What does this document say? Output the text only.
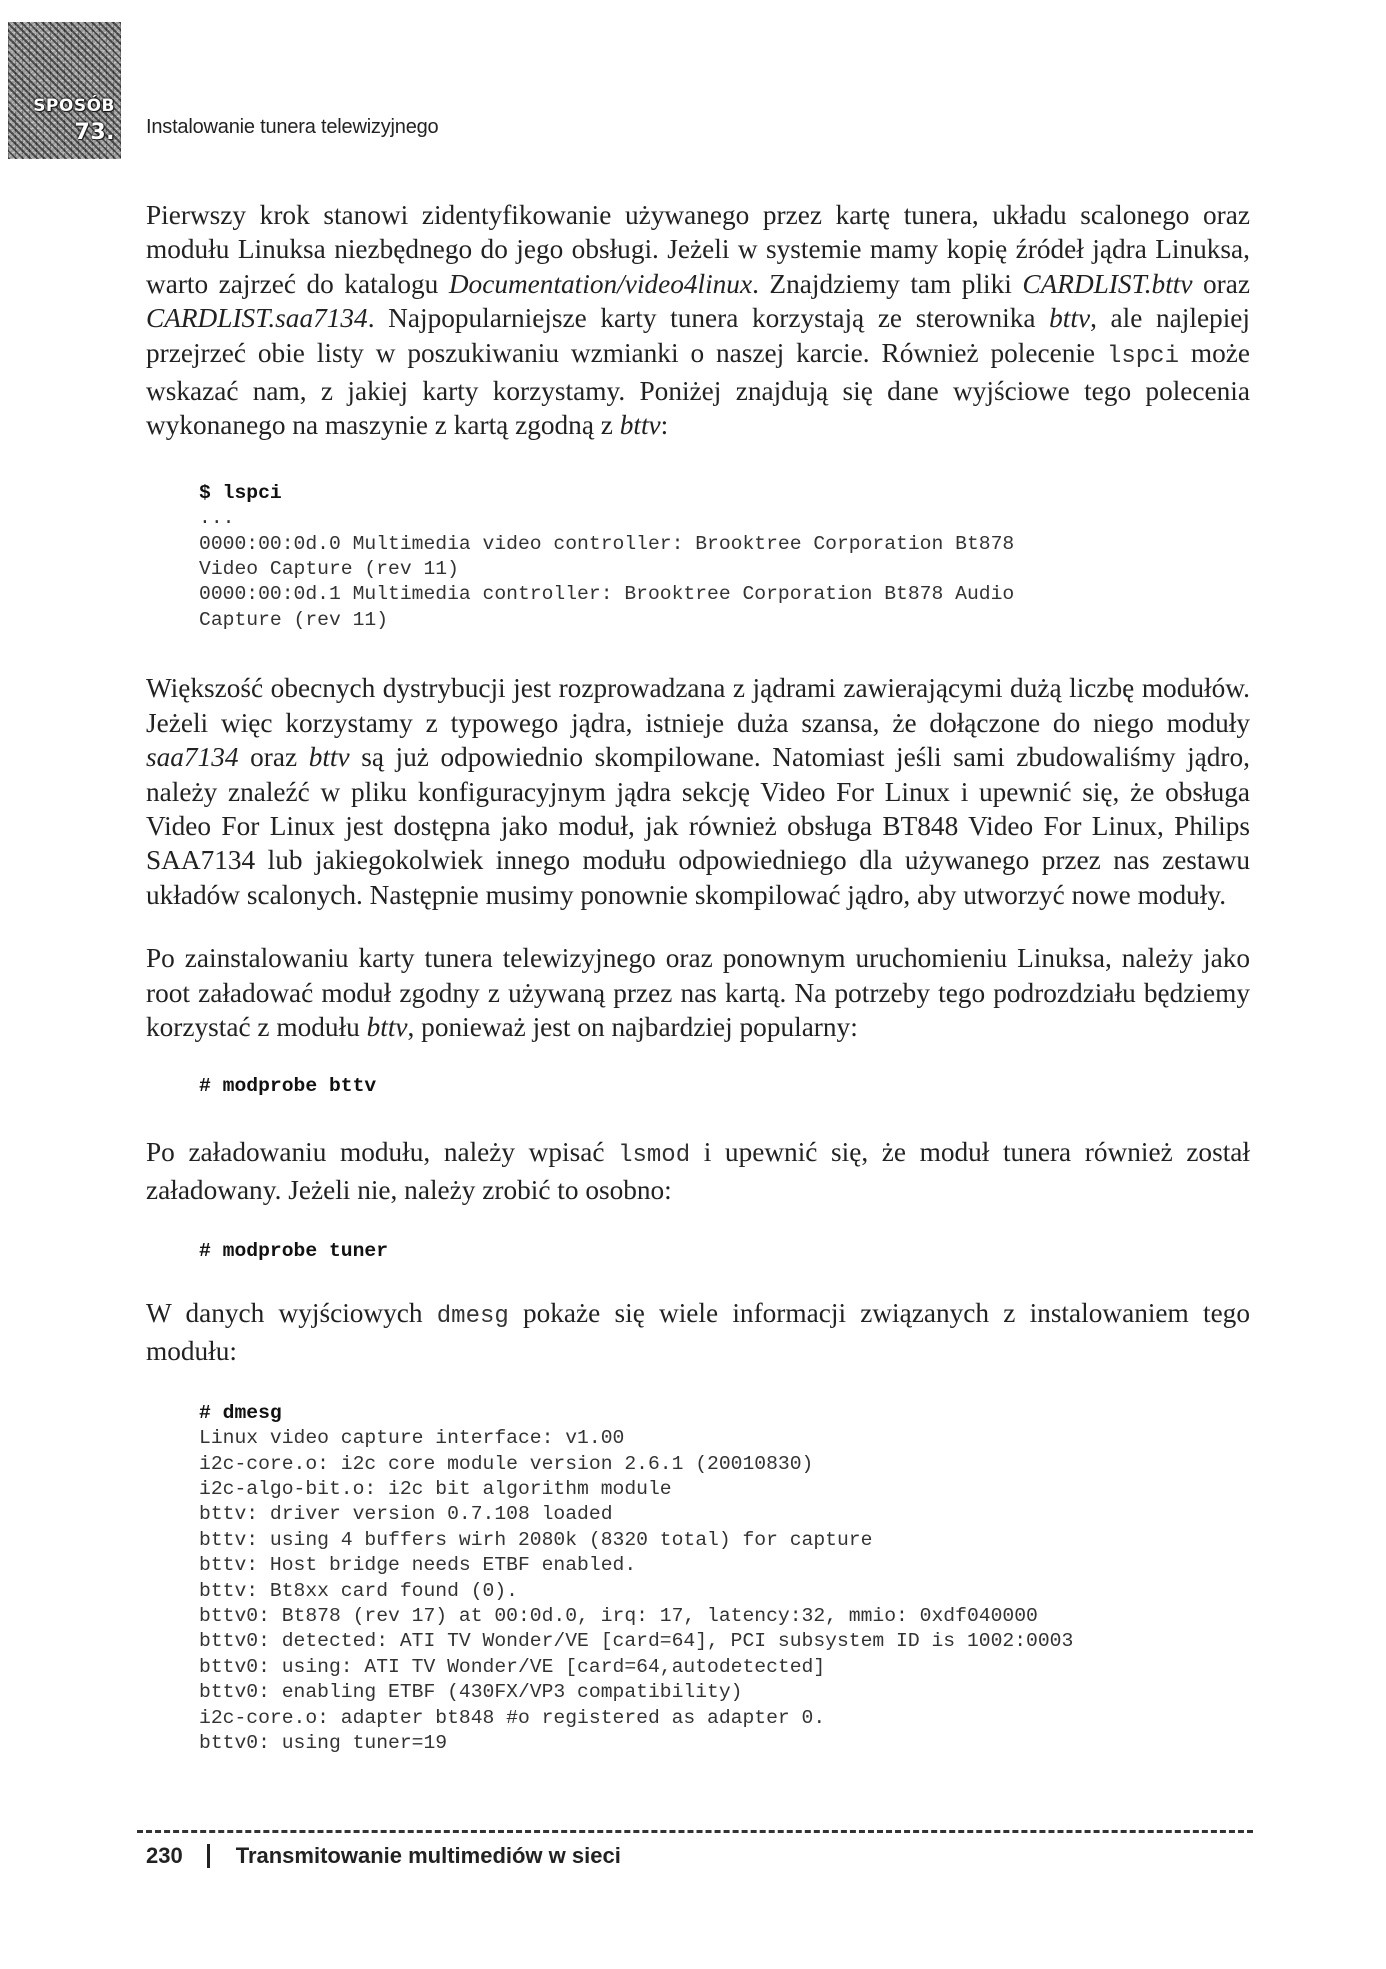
SPOSÓB
73. Instalowanie tunera telewizyjnego

Pierwszy krok stanowi zidentyfikowanie używanego przez kartę tunera, układu scalonego oraz modułu Linuksa niezbędnego do jego obsługi. Jeżeli w systemie mamy kopię źródeł jądra Linuksa, warto zajrzeć do katalogu Documentation/video4linux. Znajdziemy tam pliki CARDLIST.bttv oraz CARDLIST.saa7134. Najpopularniejsze karty tunera korzystają ze sterownika bttv, ale najlepiej przejrzeć obie listy w poszukiwaniu wzmianki o naszej karcie. Również polecenie lspci może wskazać nam, z jakiej karty korzystamy. Poniżej znajdują się dane wyjściowe tego polecenia wykonanego na maszynie z kartą zgodną z bttv:

$ lspci
...
0000:00:0d.0 Multimedia video controller: Brooktree Corporation Bt878
Video Capture (rev 11)
0000:00:0d.1 Multimedia controller: Brooktree Corporation Bt878 Audio
Capture (rev 11)

Większość obecnych dystrybucji jest rozprowadzana z jądrami zawierającymi dużą liczbę modułów. Jeżeli więc korzystamy z typowego jądra, istnieje duża szansa, że dołączone do niego moduły saa7134 oraz bttv są już odpowiednio skompilowane. Natomiast jeśli sami zbudowaliśmy jądro, należy znaleźć w pliku konfiguracyjnym jądra sekcję Video For Linux i upewnić się, że obsługa Video For Linux jest dostępna jako moduł, jak również obsługa BT848 Video For Linux, Philips SAA7134 lub jakiegokolwiek innego modułu odpowiedniego dla używanego przez nas zestawu układów scalonych. Następnie musimy ponownie skompilować jądro, aby utworzyć nowe moduły.

Po zainstalowaniu karty tunera telewizyjnego oraz ponownym uruchomieniu Linuksa, należy jako root załadować moduł zgodny z używaną przez nas kartą. Na potrzeby tego podrozdziału będziemy korzystać z modułu bttv, ponieważ jest on najbardziej popularny:

# modprobe bttv

Po załadowaniu modułu, należy wpisać lsmod i upewnić się, że moduł tunera również został załadowany. Jeżeli nie, należy zrobić to osobno:

# modprobe tuner

W danych wyjściowych dmesg pokaże się wiele informacji związanych z instalowaniem tego modułu:

# dmesg
Linux video capture interface: v1.00
i2c-core.o: i2c core module version 2.6.1 (20010830)
i2c-algo-bit.o: i2c bit algorithm module
bttv: driver version 0.7.108 loaded
bttv: using 4 buffers wirh 2080k (8320 total) for capture
bttv: Host bridge needs ETBF enabled.
bttv: Bt8xx card found (0).
bttv0: Bt878 (rev 17) at 00:0d.0, irq: 17, latency:32, mmio: 0xdf040000
bttv0: detected: ATI TV Wonder/VE [card=64], PCI subsystem ID is 1002:0003
bttv0: using: ATI TV Wonder/VE [card=64,autodetected]
bttv0: enabling ETBF (430FX/VP3 compatibility)
i2c-core.o: adapter bt848 #o registered as adapter 0.
bttv0: using tuner=19
230 Transmitowanie multimediów w sieci
